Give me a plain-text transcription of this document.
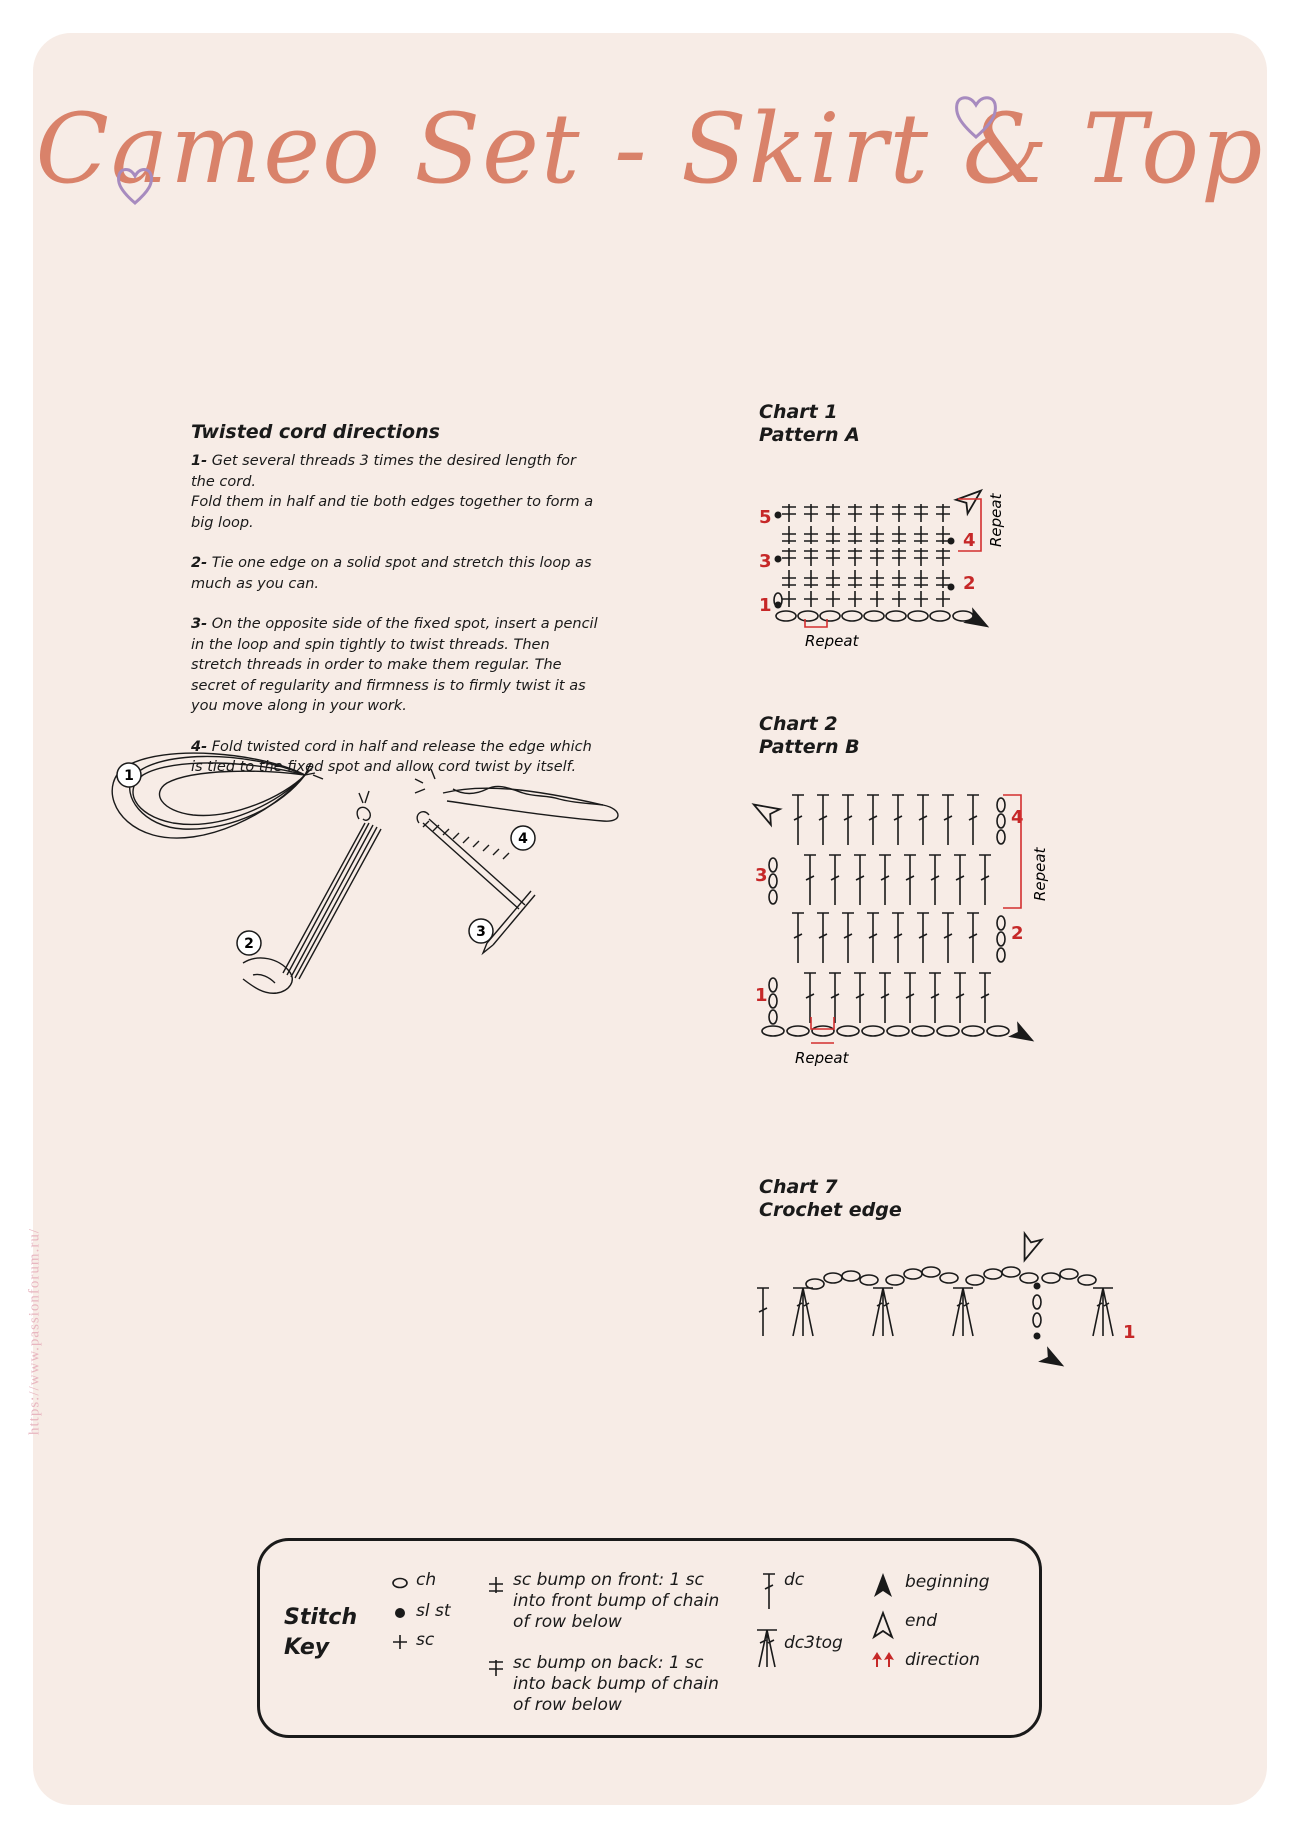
Cameo Set - Skirt & Top
https://www.passionforum.ru/
Twisted cord directions

1- Get several threads 3 times the desired length for the cord.
Fold them in half and tie both edges together to form a big loop.

2- Tie one edge on a solid spot and stretch this loop as much as you can.

3- On the opposite side of the fixed spot, insert a pencil in the loop and spin tightly to twist threads. Then stretch threads in order to make them regular. The secret of regularity and firmness is to firmly twist it as you move along in your work.

4- Fold twisted cord in half and release the edge which is tied to the fixed spot and allow cord twist by itself.

1
2
3
4
Chart 1
Pattern A
1
2
3
4
5
Repeat
Repeat
Chart 2
Pattern B
1
2
3
4
Repeat
Repeat
Chart 7
Crochet edge
1
Stitch
Key
ch
sl st
sc
sc bump on front: 1 sc into front bump of chain of row below
sc bump on back: 1 sc into back bump of chain of row below
dc
dc3tog
beginning
end
direction
